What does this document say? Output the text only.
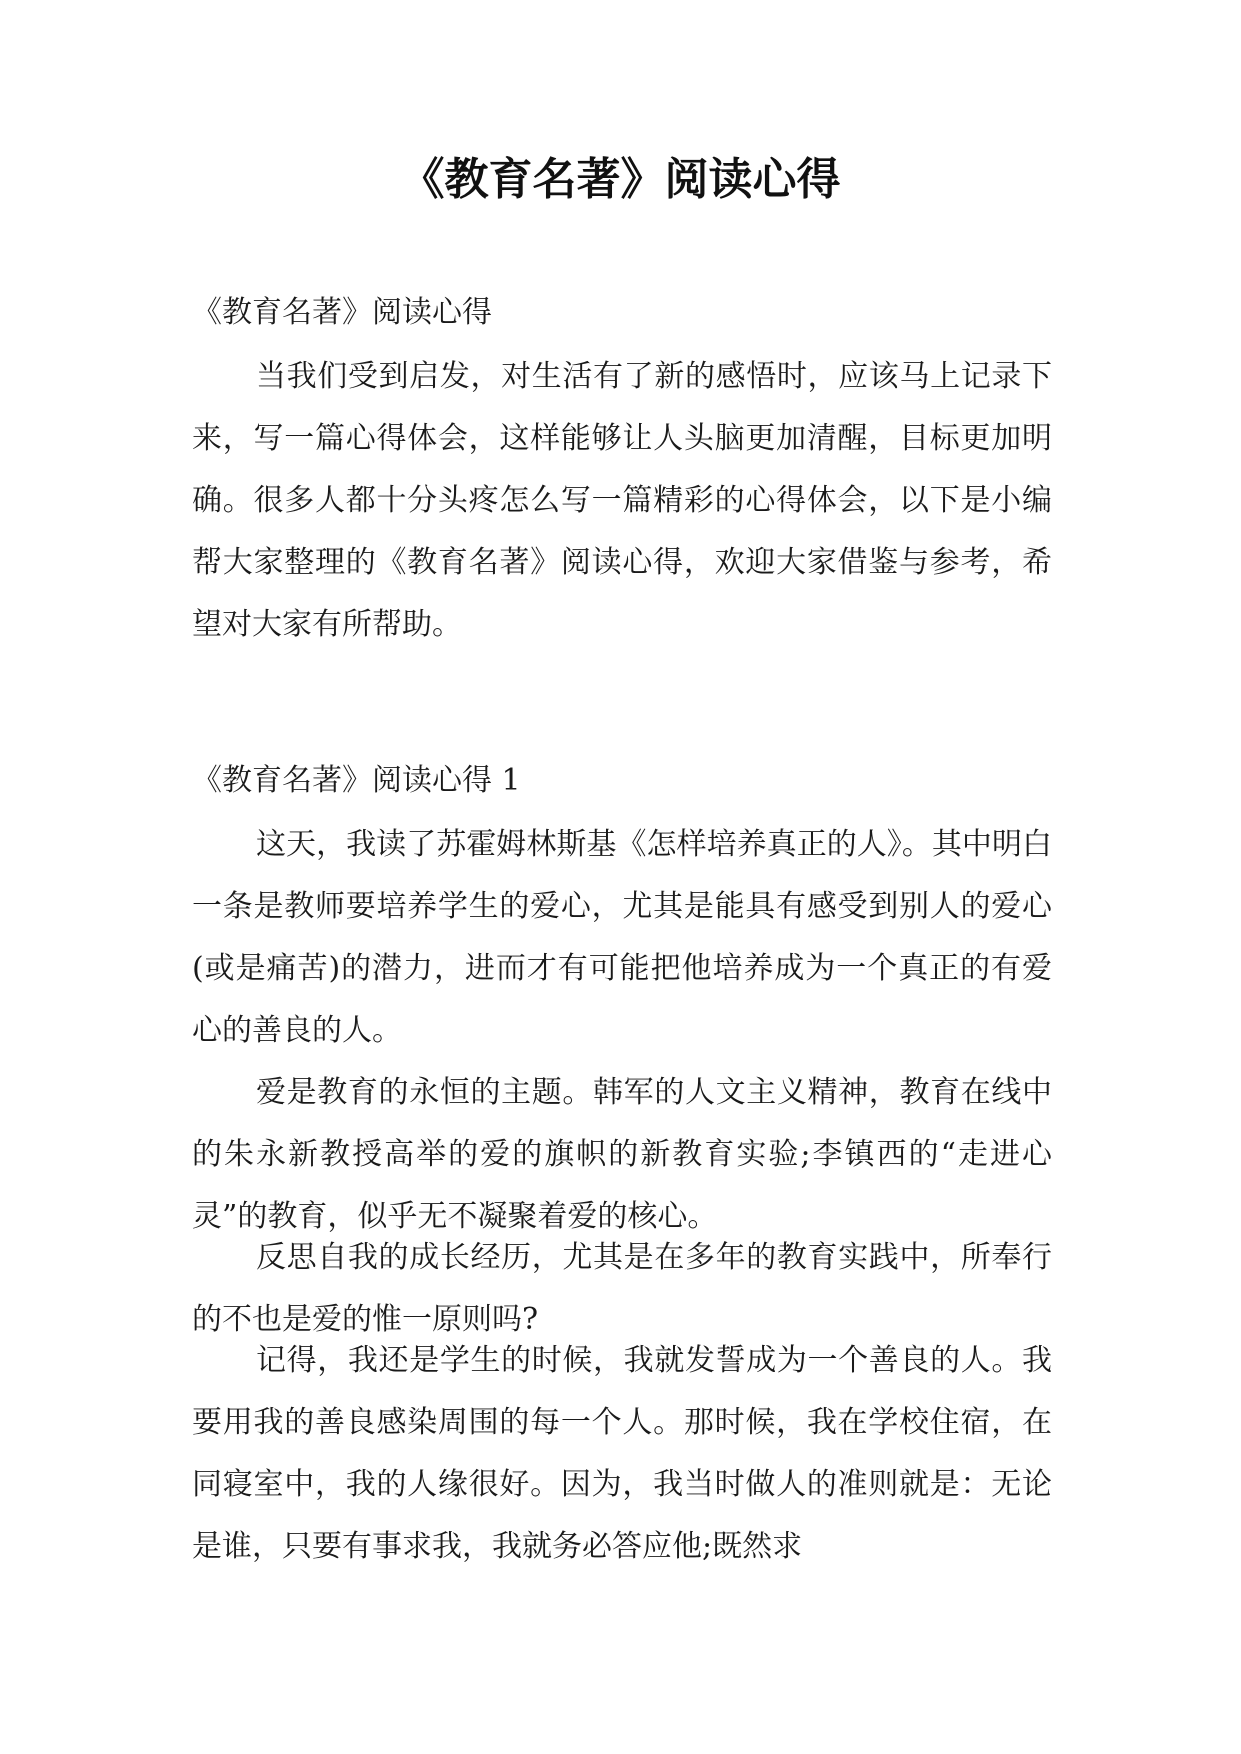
《教育名著》阅读心得
《教育名著》阅读心得

当我们受到启发，对生活有了新的感悟时，应该马上记录下来，写一篇心得体会，这样能够让人头脑更加清醒，目标更加明确。很多人都十分头疼怎么写一篇精彩的心得体会，以下是小编帮大家整理的《教育名著》阅读心得，欢迎大家借鉴与参考，希望对大家有所帮助。

《教育名著》阅读心得 1

这天，我读了苏霍姆林斯基《怎样培养真正的人》。其中明白一条是教师要培养学生的爱心，尤其是能具有感受到别人的爱心(或是痛苦)的潜力，进而才有可能把他培养成为一个真正的有爱心的善良的人。

爱是教育的永恒的主题。韩军的人文主义精神，教育在线中的朱永新教授高举的爱的旗帜的新教育实验;李镇西的“走进心灵”的教育，似乎无不凝聚着爱的核心。

反思自我的成长经历，尤其是在多年的教育实践中，所奉行的不也是爱的惟一原则吗?

记得，我还是学生的时候，我就发誓成为一个善良的人。我要用我的善良感染周围的每一个人。那时候，我在学校住宿，在同寝室中，我的人缘很好。因为，我当时做人的准则就是：无论是谁，只要有事求我，我就务必答应他;既然求
